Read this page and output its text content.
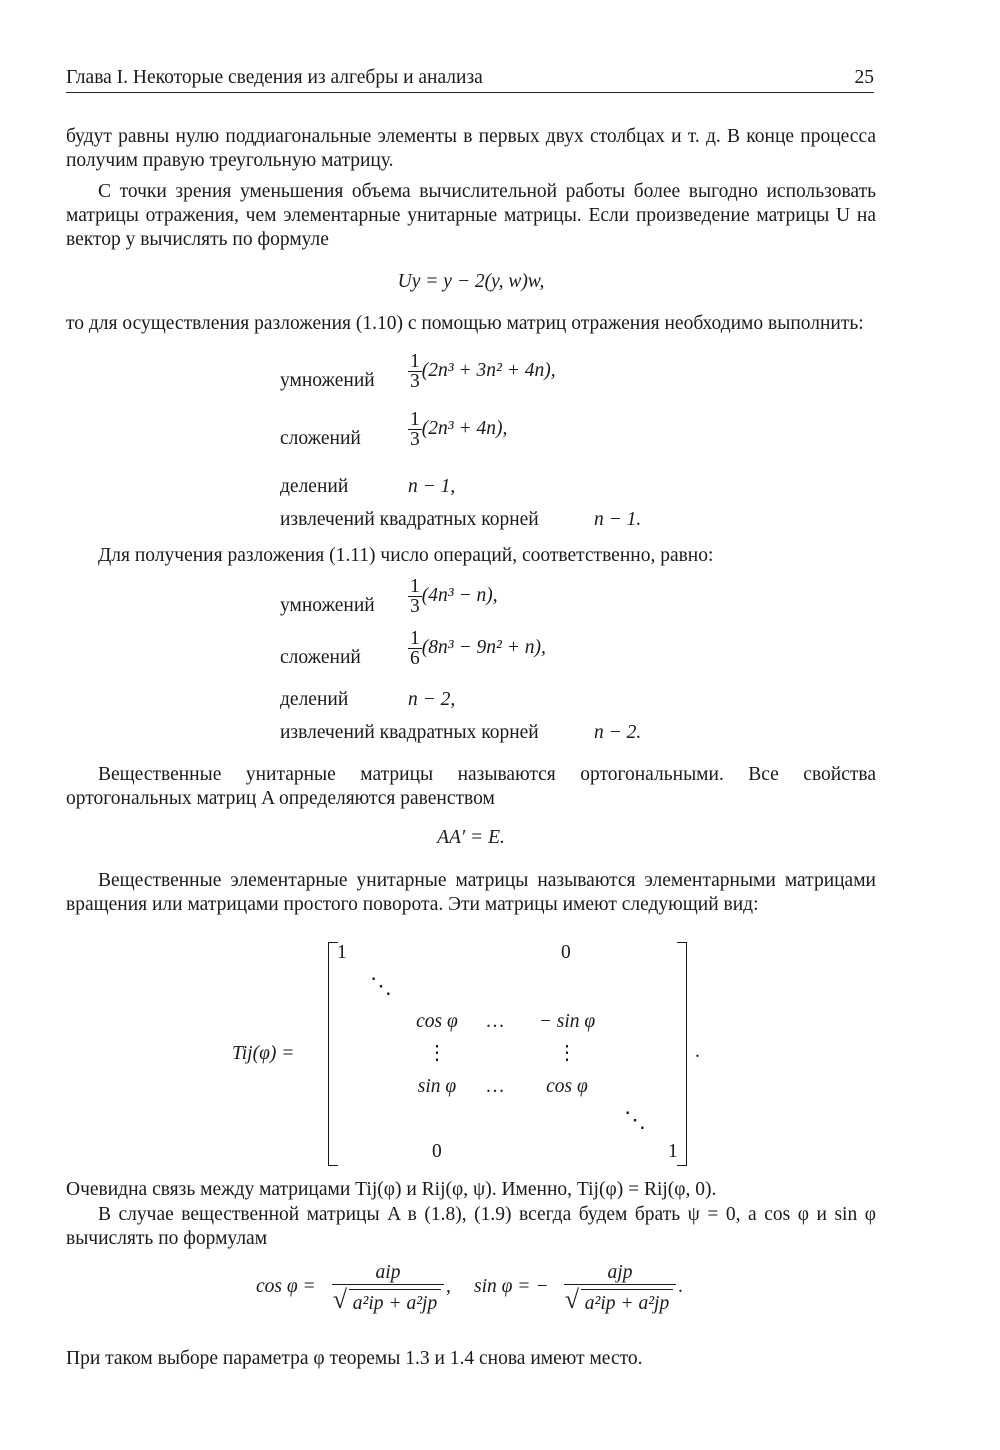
Глава I. Некоторые сведения из алгебры и анализа	25
будут равны нулю поддиагональные элементы в первых двух столбцах и т. д. В конце процесса получим правую треугольную матрицу.
С точки зрения уменьшения объема вычислительной работы более выгодно использовать матрицы отражения, чем элементарные унитарные матрицы. Если произведение матрицы U на вектор y вычислять по формуле
Uy = y − 2(y, w)w,
то для осуществления разложения (1.10) с помощью матриц отражения необходимо выполнить:
умножений $\frac{1}{3} (2n^3 + 3n^2 + 4n)$,
сложений $\frac{1}{3} (2n^3 + 4n)$,
делений	n − 1,
извлечений квадратных корней	n − 1.
Для получения разложения (1.11) число операций, соответственно, равно:
умножений $\frac{1}{3} (4n^3 - n)$,
сложений $\frac{1}{6} (8n^3 - 9n^2 + n)$,
делений	n − 2,
извлечений квадратных корней	n − 2.
Вещественные унитарные матрицы называются ортогональными. Все свойства ортогональных матриц A определяются равенством
AA′ = E.
Вещественные элементарные унитарные матрицы называются элементарными матрицами вращения или матрицами простого поворота. Эти матрицы имеют следующий вид:
Tij(φ) =
1	0
⋱
cos φ	…	− sin φ
⋮	⋮
sin φ	…	cos φ
⋱
0	1
.
Очевидна связь между матрицами Tij(φ) и Rij(φ, ψ). Именно, Tij(φ) = Rij(φ, 0).
В случае вещественной матрицы A в (1.8), (1.9) всегда будем брать ψ = 0, а cos φ и sin φ вычислять по формулам
cos φ =
aip
√ a²ip + a²jp
, sin φ = −
ajp
√ a²ip + a²jp
.
При таком выборе параметра φ теоремы 1.3 и 1.4 снова имеют место.
